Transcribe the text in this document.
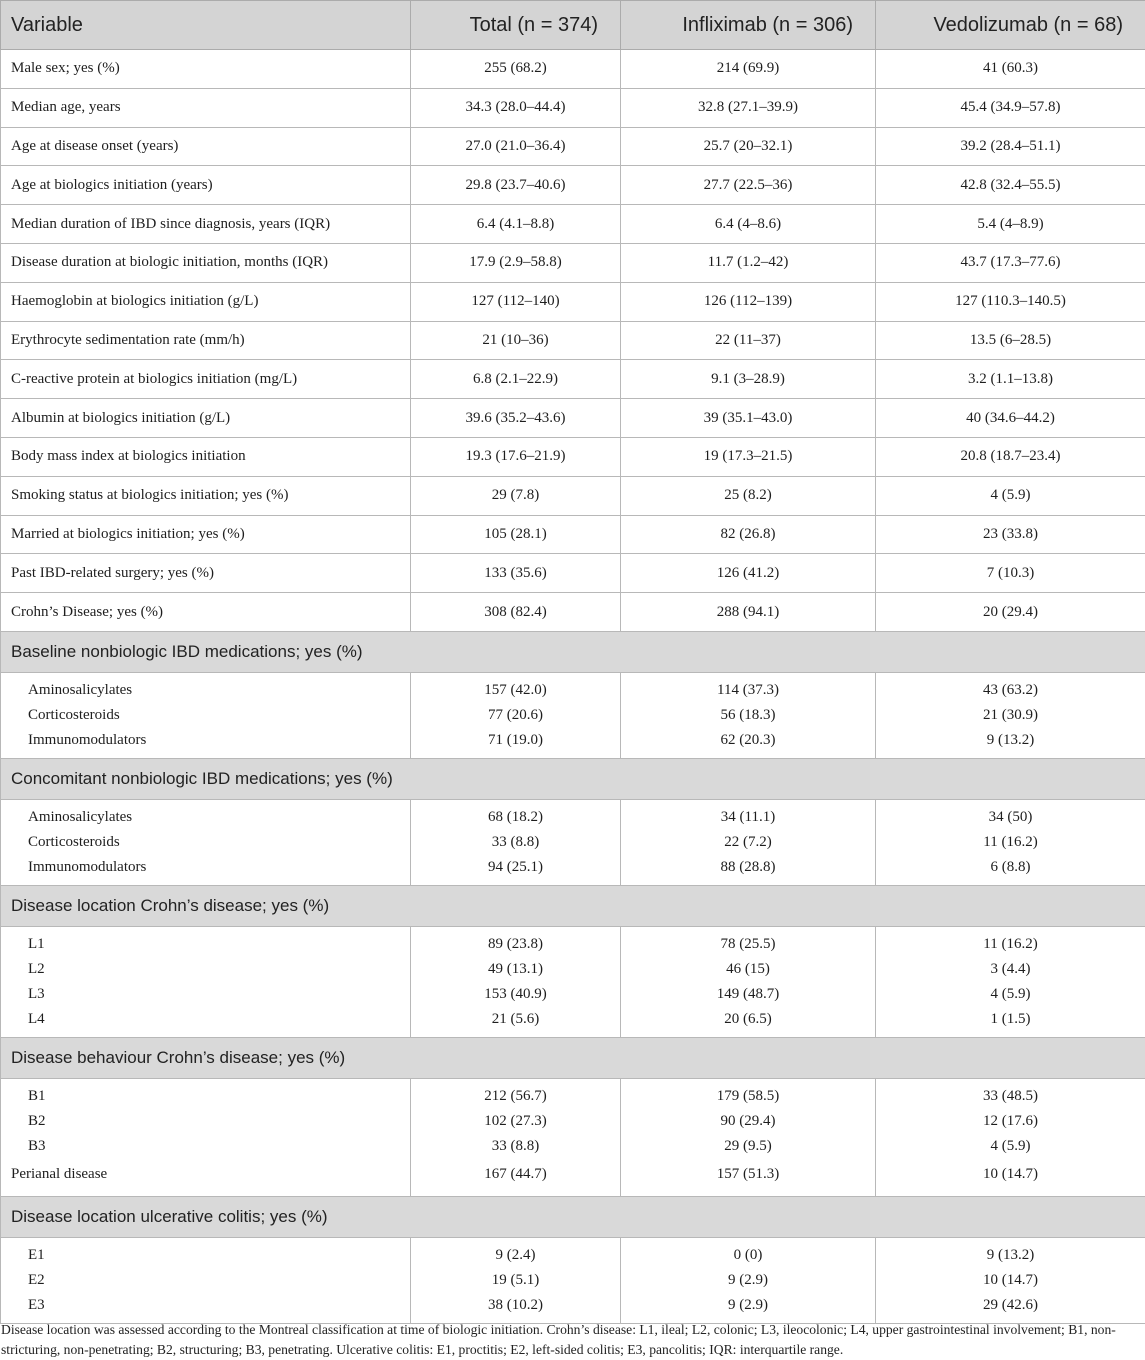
Variable	Total (n = 374)	Infliximab (n = 306)	Vedolizumab (n = 68)
Male sex; yes (%)	255 (68.2)	214 (69.9)	41 (60.3)
Median age, years	34.3 (28.0–44.4)	32.8 (27.1–39.9)	45.4 (34.9–57.8)
Age at disease onset (years)	27.0 (21.0–36.4)	25.7 (20–32.1)	39.2 (28.4–51.1)
Age at biologics initiation (years)	29.8 (23.7–40.6)	27.7 (22.5–36)	42.8 (32.4–55.5)
Median duration of IBD since diagnosis, years (IQR)	6.4 (4.1–8.8)	6.4 (4–8.6)	5.4 (4–8.9)
Disease duration at biologic initiation, months (IQR)	17.9 (2.9–58.8)	11.7 (1.2–42)	43.7 (17.3–77.6)
Haemoglobin at biologics initiation (g/L)	127 (112–140)	126 (112–139)	127 (110.3–140.5)
Erythrocyte sedimentation rate (mm/h)	21 (10–36)	22 (11–37)	13.5 (6–28.5)
C-reactive protein at biologics initiation (mg/L)	6.8 (2.1–22.9)	9.1 (3–28.9)	3.2 (1.1–13.8)
Albumin at biologics initiation (g/L)	39.6 (35.2–43.6)	39 (35.1–43.0)	40 (34.6–44.2)
Body mass index at biologics initiation	19.3 (17.6–21.9)	19 (17.3–21.5)	20.8 (18.7–23.4)
Smoking status at biologics initiation; yes (%)	29 (7.8)	25 (8.2)	4 (5.9)
Married at biologics initiation; yes (%)	105 (28.1)	82 (26.8)	23 (33.8)
Past IBD-related surgery; yes (%)	133 (35.6)	126 (41.2)	7 (10.3)
Crohn’s Disease; yes (%)	308 (82.4)	288 (94.1)	20 (29.4)
Baseline nonbiologic IBD medications; yes (%)			
Aminosalicylates	157 (42.0)	114 (37.3)	43 (63.2)
Corticosteroids	77 (20.6)	56 (18.3)	21 (30.9)
Immunomodulators	71 (19.0)	62 (20.3)	9 (13.2)
Concomitant nonbiologic IBD medications; yes (%)			
Aminosalicylates	68 (18.2)	34 (11.1)	34 (50)
Corticosteroids	33 (8.8)	22 (7.2)	11 (16.2)
Immunomodulators	94 (25.1)	88 (28.8)	6 (8.8)
Disease location Crohn’s disease; yes (%)			
L1	89 (23.8)	78 (25.5)	11 (16.2)
L2	49 (13.1)	46 (15)	3 (4.4)
L3	153 (40.9)	149 (48.7)	4 (5.9)
L4	21 (5.6)	20 (6.5)	1 (1.5)
Disease behaviour Crohn’s disease; yes (%)			
B1	212 (56.7)	179 (58.5)	33 (48.5)
B2	102 (27.3)	90 (29.4)	12 (17.6)
B3	33 (8.8)	29 (9.5)	4 (5.9)
Perianal disease	167 (44.7)	157 (51.3)	10 (14.7)
Disease location ulcerative colitis; yes (%)			
E1	9 (2.4)	0 (0)	9 (13.2)
E2	19 (5.1)	9 (2.9)	10 (14.7)
E3	38 (10.2)	9 (2.9)	29 (42.6)
Disease location was assessed according to the Montreal classification at time of biologic initiation. Crohn’s disease: L1, ileal; L2, colonic; L3, ileocolonic; L4, upper gastrointestinal involvement; B1, non-stricturing, non-penetrating; B2, structuring; B3, penetrating. Ulcerative colitis: E1, proctitis; E2, left-sided colitis; E3, pancolitis; IQR: interquartile range.
